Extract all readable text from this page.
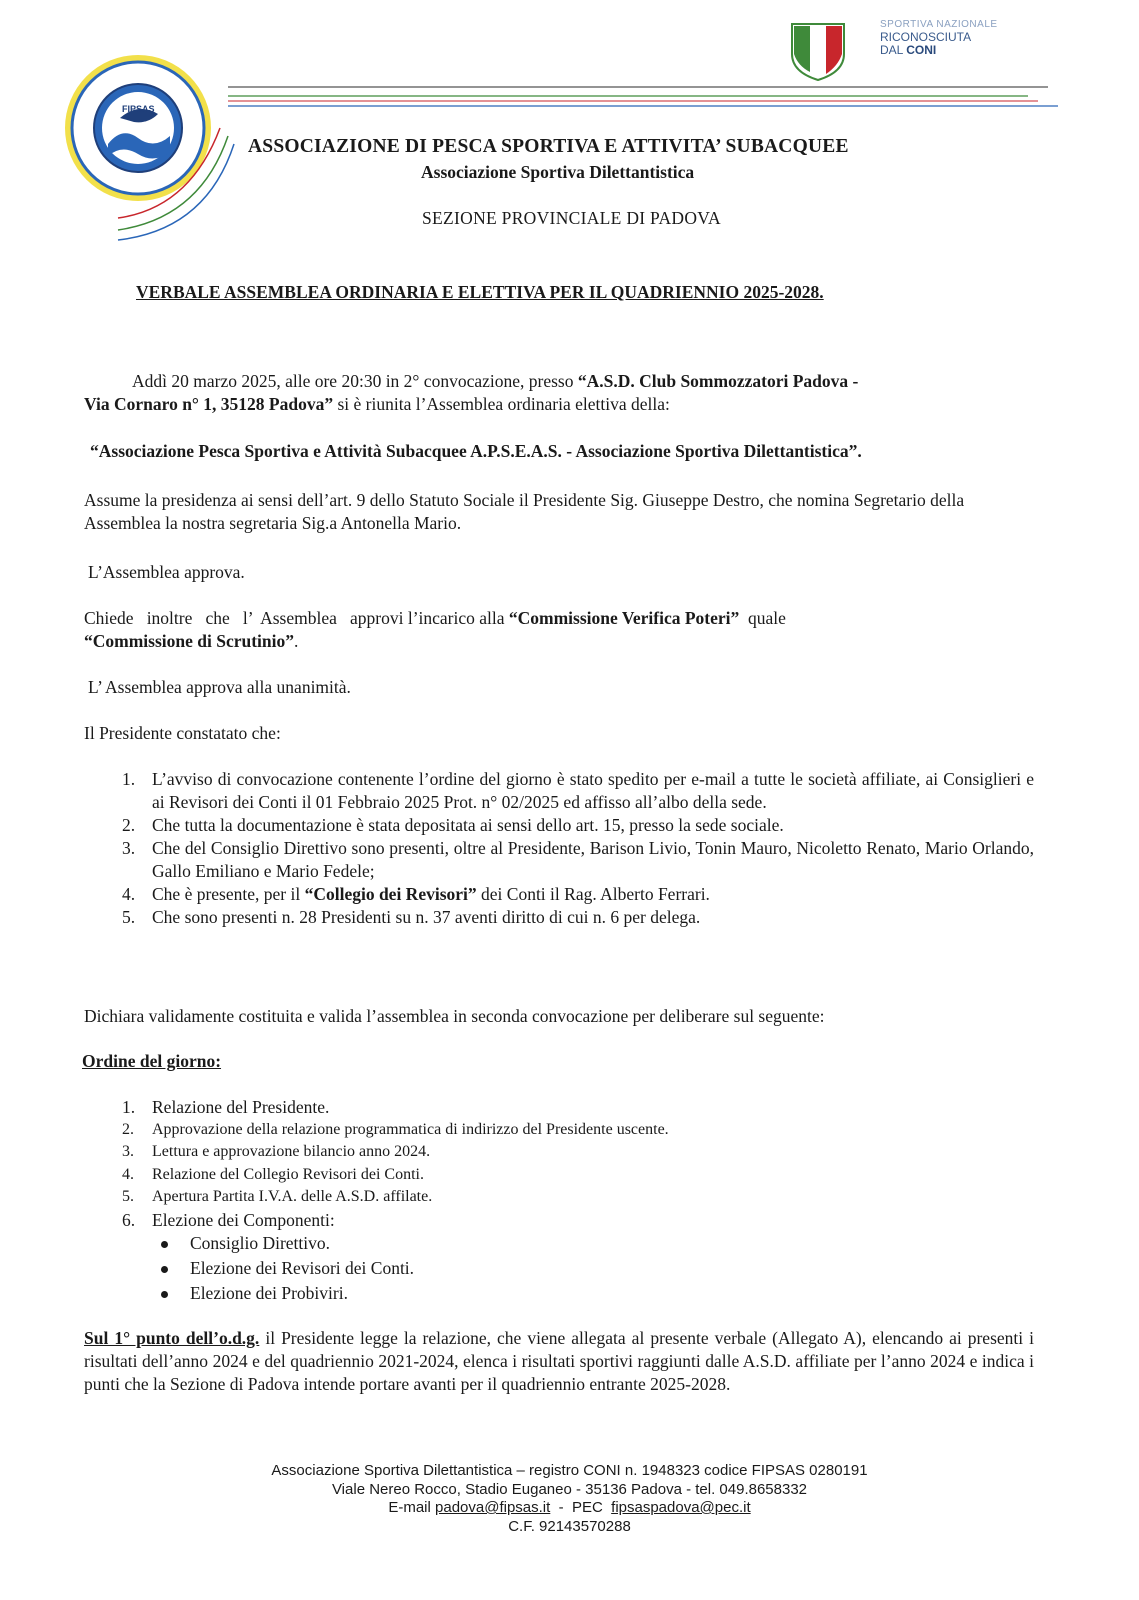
FIPSAS
SPORTIVA NAZIONALE
RICONOSCIUTA
DAL CONI
ASSOCIAZIONE DI PESCA SPORTIVA E ATTIVITA’ SUBACQUEE
Associazione Sportiva Dilettantistica
SEZIONE PROVINCIALE DI PADOVA
VERBALE ASSEMBLEA ORDINARIA E ELETTIVA PER IL QUADRIENNIO 2025-2028.
Addì 20 marzo 2025, alle ore 20:30 in 2° convocazione, presso “A.S.D. Club Sommozzatori Padova -
Via Cornaro n° 1, 35128 Padova” si è riunita l’Assemblea ordinaria elettiva della:
“Associazione Pesca Sportiva e Attività Subacquee A.P.S.E.A.S. - Associazione Sportiva Dilettantistica”.
Assume la presidenza ai sensi dell’art. 9 dello Statuto Sociale il Presidente Sig. Giuseppe Destro, che nomina Segretario della Assemblea la nostra segretaria Sig.a Antonella Mario.
L’Assemblea approva.
Chiede   inoltre   che   l’  Assemblea   approvi l’incarico alla “Commissione Verifica Poteri”  quale
“Commissione di Scrutinio”.
L’ Assemblea approva alla unanimità.
Il Presidente constatato che:
1. L’avviso di convocazione contenente l’ordine del giorno è stato spedito per e-mail a tutte le società affiliate, ai Consiglieri e ai Revisori dei Conti il 01 Febbraio 2025 Prot. n° 02/2025 ed affisso all’albo della sede.
2. Che tutta la documentazione è stata depositata ai sensi dello art. 15, presso la sede sociale.
3. Che del Consiglio Direttivo sono presenti, oltre al Presidente, Barison Livio, Tonin Mauro, Nicoletto Renato, Mario Orlando, Gallo Emiliano e Mario Fedele;
4. Che è presente, per il “Collegio dei Revisori” dei Conti il Rag. Alberto Ferrari.
5. Che sono presenti n. 28 Presidenti su n. 37 aventi diritto di cui n. 6 per delega.
Dichiara validamente costituita e valida l’assemblea in seconda convocazione per deliberare sul seguente:
Ordine del giorno:
1. Relazione del Presidente.
2. Approvazione della relazione programmatica di indirizzo del Presidente uscente.
3. Lettura e approvazione bilancio anno 2024.
4. Relazione del Collegio Revisori dei Conti.
5. Apertura Partita I.V.A. delle A.S.D. affilate.
6. Elezione dei Componenti:
Consiglio Direttivo.
Elezione dei Revisori dei Conti.
Elezione dei Probiviri.
Sul 1° punto dell’o.d.g. il Presidente legge la relazione, che viene allegata al presente verbale (Allegato A), elencando ai presenti i risultati dell’anno 2024 e del quadriennio 2021-2024, elenca i risultati sportivi raggiunti dalle A.S.D. affiliate per l’anno 2024 e indica i punti che la Sezione di Padova intende portare avanti per il quadriennio entrante 2025-2028.
Associazione Sportiva Dilettantistica – registro CONI n. 1948323 codice FIPSAS 0280191
Viale Nereo Rocco, Stadio Euganeo - 35136 Padova - tel. 049.8658332
E-mail padova@fipsas.it  -  PEC  fipsaspadova@pec.it
C.F. 92143570288
